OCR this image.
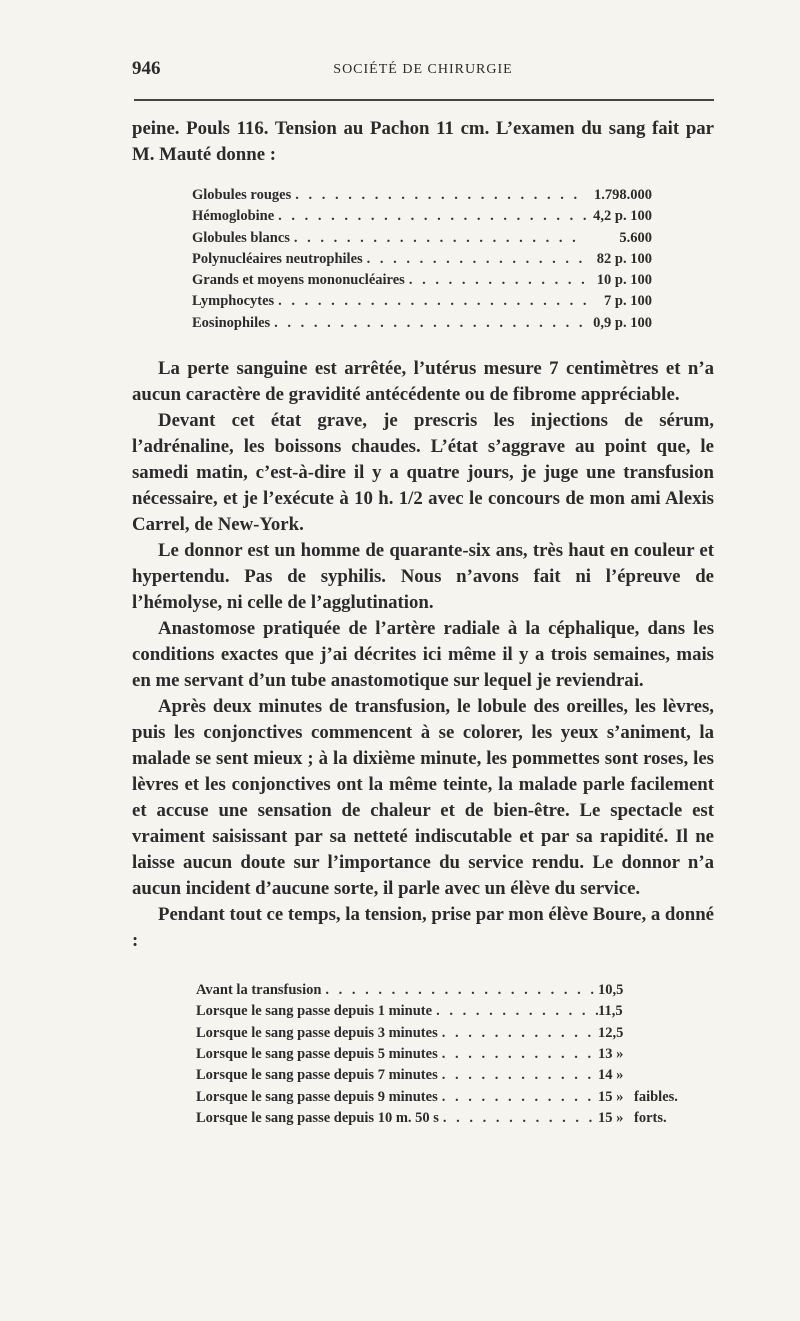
946	SOCIÉTÉ DE CHIRURGIE

peine. Pouls 116. Tension au Pachon 11 cm. L’examen du sang fait par M. Mauté donne :

Globules rouges . . .	1.798.000
Hémoglobine . . .	4,2 p. 100
Globules blancs . . .	5.600
Polynucléaires neutrophiles . . .	82 p. 100
Grands et moyens mononucléaires . . .	10 p. 100
Lymphocytes . . .	7 p. 100
Eosinophiles . . .	0,9 p. 100

La perte sanguine est arrêtée, l’utérus mesure 7 centimètres et n’a aucun caractère de gravidité antécédente ou de fibrome appréciable.

Devant cet état grave, je prescris les injections de sérum, l’adrénaline, les boissons chaudes. L’état s’aggrave au point que, le samedi matin, c’est-à-dire il y a quatre jours, je juge une transfusion nécessaire, et je l’exécute à 10 h. 1/2 avec le concours de mon ami Alexis Carrel, de New-York.

Le donnor est un homme de quarante-six ans, très haut en couleur et hypertendu. Pas de syphilis. Nous n’avons fait ni l’épreuve de l’hémolyse, ni celle de l’agglutination.

Anastomose pratiquée de l’artère radiale à la céphalique, dans les conditions exactes que j’ai décrites ici même il y a trois semaines, mais en me servant d’un tube anastomotique sur lequel je reviendrai.

Après deux minutes de transfusion, le lobule des oreilles, les lèvres, puis les conjonctives commencent à se colorer, les yeux s’animent, la malade se sent mieux ; à la dixième minute, les pommettes sont roses, les lèvres et les conjonctives ont la même teinte, la malade parle facilement et accuse une sensation de chaleur et de bien-être. Le spectacle est vraiment saisissant par sa netteté indiscutable et par sa rapidité. Il ne laisse aucun doute sur l’importance du service rendu. Le donnor n’a aucun incident d’aucune sorte, il parle avec un élève du service.

Pendant tout ce temps, la tension, prise par mon élève Boure, a donné :

Avant la transfusion . . .	10,5
Lorsque le sang passe depuis 1 minute . . .	11,5
Lorsque le sang passe depuis 3 minutes . . .	12,5
Lorsque le sang passe depuis 5 minutes . . .	13 »
Lorsque le sang passe depuis 7 minutes . . .	14 »
Lorsque le sang passe depuis 9 minutes . . .	15 » faibles.
Lorsque le sang passe depuis 10 m. 50 s . . .	15 » forts.
